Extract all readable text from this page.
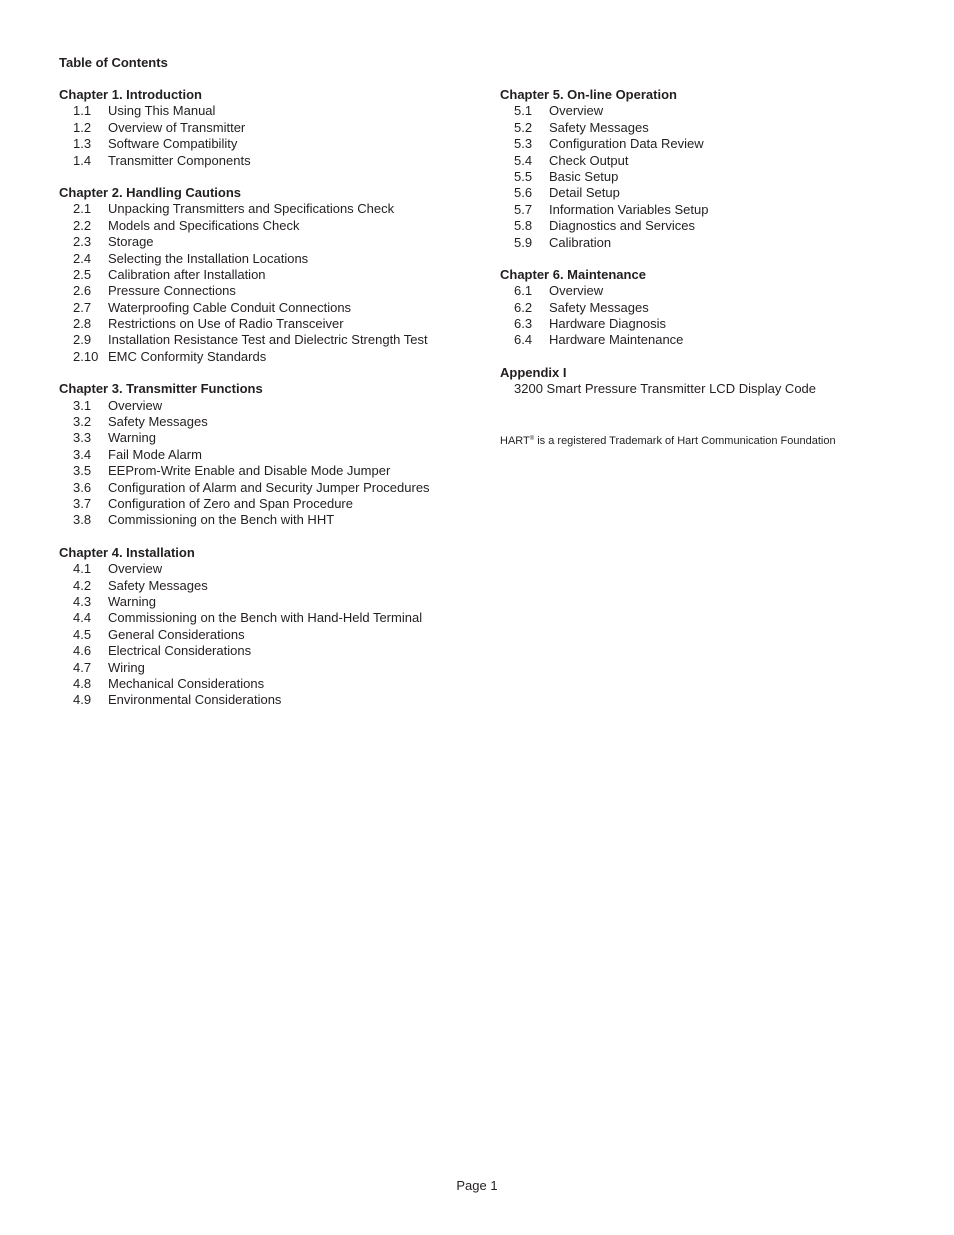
Table of Contents
Chapter 1. Introduction
1.1	Using This Manual
1.2	Overview of Transmitter
1.3	Software Compatibility
1.4	Transmitter Components
Chapter 2. Handling Cautions
2.1	Unpacking Transmitters and Specifications Check
2.2	Models and Specifications Check
2.3	Storage
2.4	Selecting the Installation Locations
2.5	Calibration after Installation
2.6	Pressure Connections
2.7	Waterproofing Cable Conduit Connections
2.8	Restrictions on Use of Radio Transceiver
2.9	Installation Resistance Test and Dielectric Strength Test
2.10 EMC Conformity Standards
Chapter 3. Transmitter Functions
3.1	Overview
3.2	Safety Messages
3.3	Warning
3.4	Fail Mode Alarm
3.5	EEProm-Write Enable and Disable Mode Jumper
3.6	Configuration of Alarm and Security Jumper Procedures
3.7	Configuration of Zero and Span Procedure
3.8	Commissioning on the Bench with HHT
Chapter 4. Installation
4.1	Overview
4.2	Safety Messages
4.3	Warning
4.4	Commissioning on the Bench with Hand-Held Terminal
4.5	General Considerations
4.6	Electrical Considerations
4.7	Wiring
4.8	Mechanical Considerations
4.9	Environmental Considerations
Chapter 5. On-line Operation
5.1	Overview
5.2	Safety Messages
5.3	Configuration Data Review
5.4	Check Output
5.5	Basic Setup
5.6	Detail Setup
5.7	Information Variables Setup
5.8	Diagnostics and Services
5.9	Calibration
Chapter 6. Maintenance
6.1	Overview
6.2	Safety Messages
6.3	Hardware Diagnosis
6.4	Hardware Maintenance
Appendix I
3200 Smart Pressure Transmitter LCD Display Code
HART® is a registered Trademark of Hart Communication Foundation
Page 1
